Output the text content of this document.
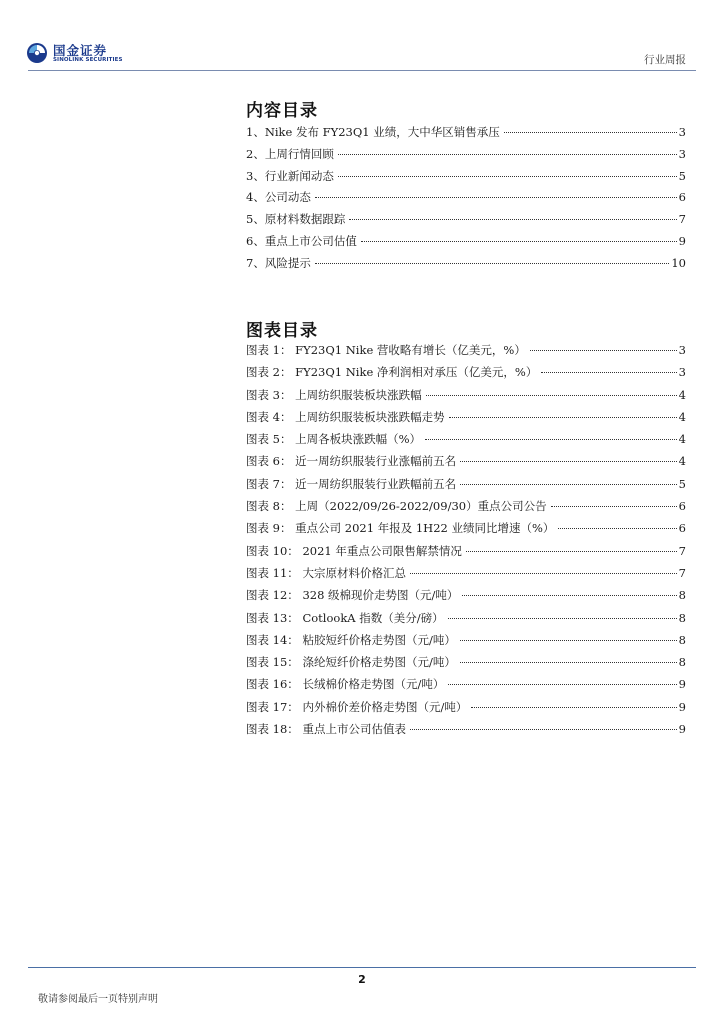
国金证券
SINOLINK SECURITIES	行业周报
内容目录
1、Nike 发布 FY23Q1 业绩，大中华区销售承压	3
2、上周行情回顾	3
3、行业新闻动态	5
4、公司动态	6
5、原材料数据跟踪	7
6、重点上市公司估值	9
7、风险提示	10
图表目录
图表 1： FY23Q1 Nike 营收略有增长（亿美元，%）	3
图表 2： FY23Q1 Nike 净利润相对承压（亿美元，%）	3
图表 3： 上周纺织服装板块涨跌幅	4
图表 4： 上周纺织服装板块涨跌幅走势	4
图表 5： 上周各板块涨跌幅（%）	4
图表 6： 近一周纺织服装行业涨幅前五名	4
图表 7： 近一周纺织服装行业跌幅前五名	5
图表 8： 上周（2022/09/26-2022/09/30）重点公司公告	6
图表 9： 重点公司 2021 年报及 1H22 业绩同比增速（%）	6
图表 10： 2021 年重点公司限售解禁情况	7
图表 11： 大宗原材料价格汇总	7
图表 12： 328 级棉现价走势图（元/吨）	8
图表 13： CotlookA 指数（美分/磅）	8
图表 14： 粘胶短纤价格走势图（元/吨）	8
图表 15： 涤纶短纤价格走势图（元/吨）	8
图表 16： 长绒棉价格走势图（元/吨）	9
图表 17： 内外棉价差价格走势图（元/吨）	9
图表 18： 重点上市公司估值表	9
2
敬请参阅最后一页特别声明
